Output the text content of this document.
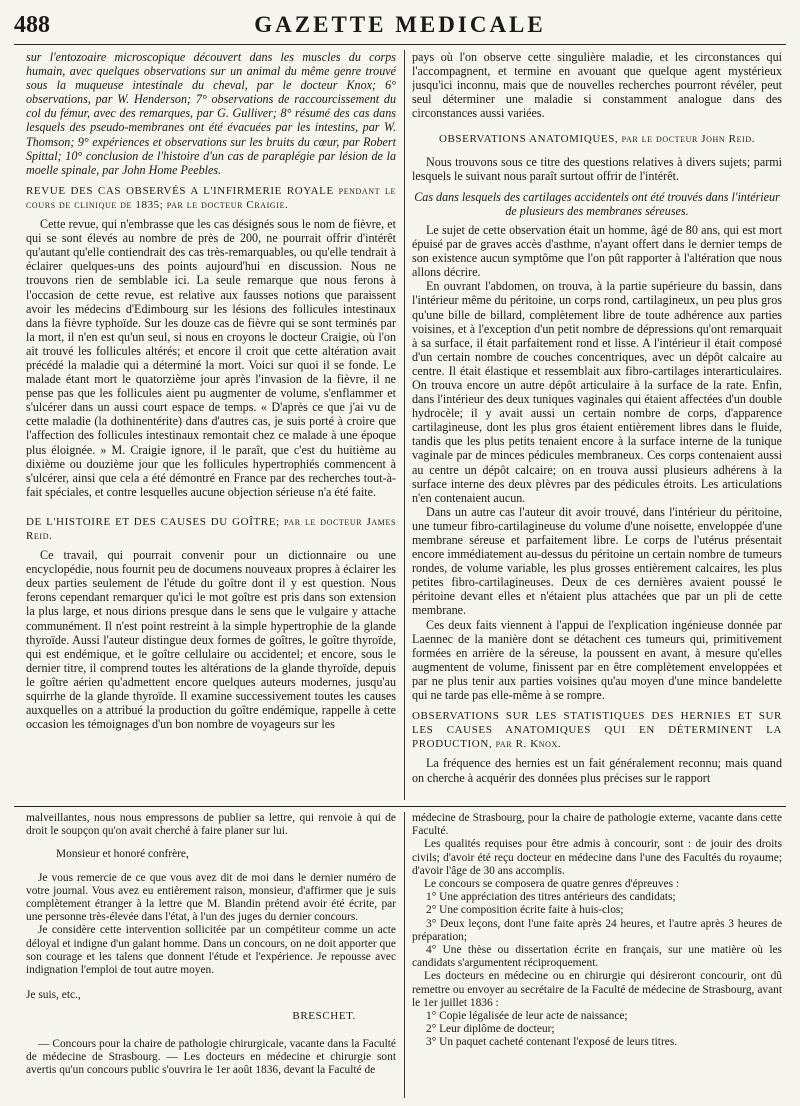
488	GAZETTE MEDICALE

sur l'entozoaire microscopique découvert dans les muscles du corps humain, avec quelques observations sur un animal du même genre trouvé sous la muqueuse intestinale du cheval, par le docteur Knox; 6° observations, par W. Henderson; 7° observations de raccourcissement du col du fémur, avec des remarques, par G. Gulliver; 8° résumé des cas dans lesquels des pseudo-membranes ont été évacuées par les intestins, par W. Thomson; 9° expériences et observations sur les bruits du cœur, par Robert Spittal; 10° conclusion de l'histoire d'un cas de paraplégie par lésion de la moelle spinale, par John Home Peebles.

REVUE DES CAS OBSERVÉS A L'INFIRMERIE ROYALE pendant le cours de clinique de 1835; par le docteur Craigie.

Cette revue, qui n'embrasse que les cas désignés sous le nom de fièvre, et qui se sont élevés au nombre de près de 200, ne pourrait offrir d'intérêt qu'autant qu'elle contiendrait des cas très-remarquables, ou qu'elle tendrait à éclairer quelques-uns des points aujourd'hui en discussion. Nous ne trouvons rien de semblable ici. La seule remarque que nous ferons à l'occasion de cette revue, est relative aux fausses notions que paraissent avoir les médecins d'Edimbourg sur les lésions des follicules intestinaux dans la fièvre typhoïde. Sur les douze cas de fièvre qui se sont terminés par la mort, il n'en est qu'un seul, si nous en croyons le docteur Craigie, où l'on ait trouvé les follicules altérés; et encore il croit que cette altération avait précédé la maladie qui a déterminé la mort. Voici sur quoi il se fonde. Le malade étant mort le quatorzième jour après l'invasion de la fièvre, il ne pense pas que les follicules aient pu augmenter de volume, s'enflammer et s'ulcérer dans un aussi court espace de temps. « D'après ce que j'ai vu de cette maladie (la dothinentérite) dans d'autres cas, je suis porté à croire que l'affection des follicules intestinaux remontait chez ce malade à une époque plus éloignée. » M. Craigie ignore, il le paraît, que c'est du huitième au dixième ou douzième jour que les follicules hypertrophiés commencent à s'ulcérer, ainsi que cela a été démontré en France par des recherches tout-à-fait spéciales, et contre lesquelles aucune objection sérieuse n'a été faite.

DE L'HISTOIRE ET DES CAUSES DU GOÎTRE; par le docteur James Reid.

Ce travail, qui pourrait convenir pour un dictionnaire ou une encyclopédie, nous fournit peu de documens nouveaux propres à éclairer les deux parties seulement de l'étude du goître dont il y est question. Nous ferons cependant remarquer qu'ici le mot goître est pris dans son extension la plus large, et nous dirions presque dans le sens que le vulgaire y attache communément. Il n'est point restreint à la simple hypertrophie de la glande thyroïde. Aussi l'auteur distingue deux formes de goîtres, le goître thyroïde, qui est endémique, et le goître cellulaire ou accidentel; et encore, sous le dernier titre, il comprend toutes les altérations de la glande thyroïde, depuis le goître aérien qu'admettent encore quelques auteurs modernes, jusqu'au squirrhe de la glande thyroïde. Il examine successivement toutes les causes auxquelles on a attribué la production du goître endémique, rappelle à cette occasion les témoignages d'un bon nombre de voyageurs sur les

pays où l'on observe cette singulière maladie, et les circonstances qui l'accompagnent, et termine en avouant que quelque agent mystérieux jusqu'ici inconnu, mais que de nouvelles recherches pourront révéler, peut seul déterminer une maladie si constamment analogue dans des circonstances aussi variées.

OBSERVATIONS ANATOMIQUES, par le docteur John Reid.

Nous trouvons sous ce titre des questions relatives à divers sujets; parmi lesquels le suivant nous paraît surtout offrir de l'intérêt.

Cas dans lesquels des cartilages accidentels ont été trouvés dans l'intérieur de plusieurs des membranes séreuses.

Le sujet de cette observation était un homme, âgé de 80 ans, qui est mort épuisé par de graves accès d'asthme, n'ayant offert dans le dernier temps de son existence aucun symptôme que l'on pût rapporter à l'altération que nous allons décrire.

En ouvrant l'abdomen, on trouva, à la partie supérieure du bassin, dans l'intérieur même du péritoine, un corps rond, cartilagineux, un peu plus gros qu'une bille de billard, complètement libre de toute adhérence aux parties voisines, et à l'exception d'un petit nombre de dépressions qu'ont remarquait à sa surface, il était parfaitement rond et lisse. A l'intérieur il était composé d'un certain nombre de couches concentriques, avec un dépôt calcaire au centre. Il était élastique et ressemblait aux fibro-cartilages interarticulaires. On trouva encore un autre dépôt articulaire à la surface de la rate. Enfin, dans l'intérieur des deux tuniques vaginales qui étaient affectées d'un double hydrocèle; il y avait aussi un certain nombre de corps, d'apparence cartilagineuse, dont les plus gros étaient entièrement libres dans le fluide, tandis que les plus petits tenaient encore à la surface interne de la tunique vaginale par de minces pédicules membraneux. Ces corps contenaient aussi au centre un dépôt calcaire; on en trouva aussi plusieurs adhérens à la surface interne des deux plèvres par des pédicules étroits. Les articulations n'en contenaient aucun.

Dans un autre cas l'auteur dit avoir trouvé, dans l'intérieur du péritoine, une tumeur fibro-cartilagineuse du volume d'une noisette, enveloppée d'une membrane séreuse et parfaitement libre. Le corps de l'utérus présentait encore immédiatement au-dessus du péritoine un certain nombre de tumeurs rondes, de volume variable, les plus grosses entièrement calcaires, les plus petites fibro-cartilagineuses. Deux de ces dernières avaient poussé le péritoine devant elles et n'étaient plus attachées que par un pli de cette membrane.

Ces deux faits viennent à l'appui de l'explication ingénieuse donnée par Laennec de la manière dont se détachent ces tumeurs qui, primitivement formées en arrière de la séreuse, la poussent en avant, à mesure qu'elles augmentent de volume, finissent par en être complètement enveloppées et par ne plus tenir aux parties voisines qu'au moyen d'une mince bandelette qui ne tarde pas elle-même à se rompre.

OBSERVATIONS SUR LES STATISTIQUES DES HERNIES ET SUR LES CAUSES ANATOMIQUES QUI EN DÉTERMINENT LA PRODUCTION, par R. Knox.

La fréquence des hernies est un fait généralement reconnu; mais quand on cherche à acquérir des données plus précises sur le rapport

malveillantes, nous nous empressons de publier sa lettre, qui renvoie à qui de droit le soupçon qu'on avait cherché à faire planer sur lui.

Monsieur et honoré confrère,

Je vous remercie de ce que vous avez dit de moi dans le dernier numéro de votre journal. Vous avez eu entièrement raison, monsieur, d'affirmer que je suis complètement étranger à la lettre que M. Blandin prétend avoir été écrite, par une personne très-élevée dans l'état, à l'un des juges du dernier concours.

Je considère cette intervention sollicitée par un compétiteur comme un acte déloyal et indigne d'un galant homme. Dans un concours, on ne doit apporter que son courage et les talens que donnent l'étude et l'expérience. Je repousse avec indignation l'emploi de tout autre moyen.

Je suis, etc.,

BRESCHET.

— Concours pour la chaire de pathologie chirurgicale, vacante dans la Faculté de médecine de Strasbourg. — Les docteurs en médecine et chirurgie sont avertis qu'un concours public s'ouvrira le 1er août 1836, devant la Faculté de

médecine de Strasbourg, pour la chaire de pathologie externe, vacante dans cette Faculté.

Les qualités requises pour être admis à concourir, sont : de jouir des droits civils; d'avoir été reçu docteur en médecine dans l'une des Facultés du royaume; d'avoir l'âge de 30 ans accomplis.

Le concours se composera de quatre genres d'épreuves :

1° Une appréciation des titres antérieurs des candidats;
2° Une composition écrite faite à huis-clos;
3° Deux leçons, dont l'une faite après 24 heures, et l'autre après 3 heures de préparation;
4° Une thèse ou dissertation écrite en français, sur une matière où les candidats s'argumentent réciproquement.

Les docteurs en médecine ou en chirurgie qui désireront concourir, ont dû remettre ou envoyer au secrétaire de la Faculté de médecine de Strasbourg, avant le 1er juillet 1836 :

1° Copie légalisée de leur acte de naissance;
2° Leur diplôme de docteur;
3° Un paquet cacheté contenant l'exposé de leurs titres.
